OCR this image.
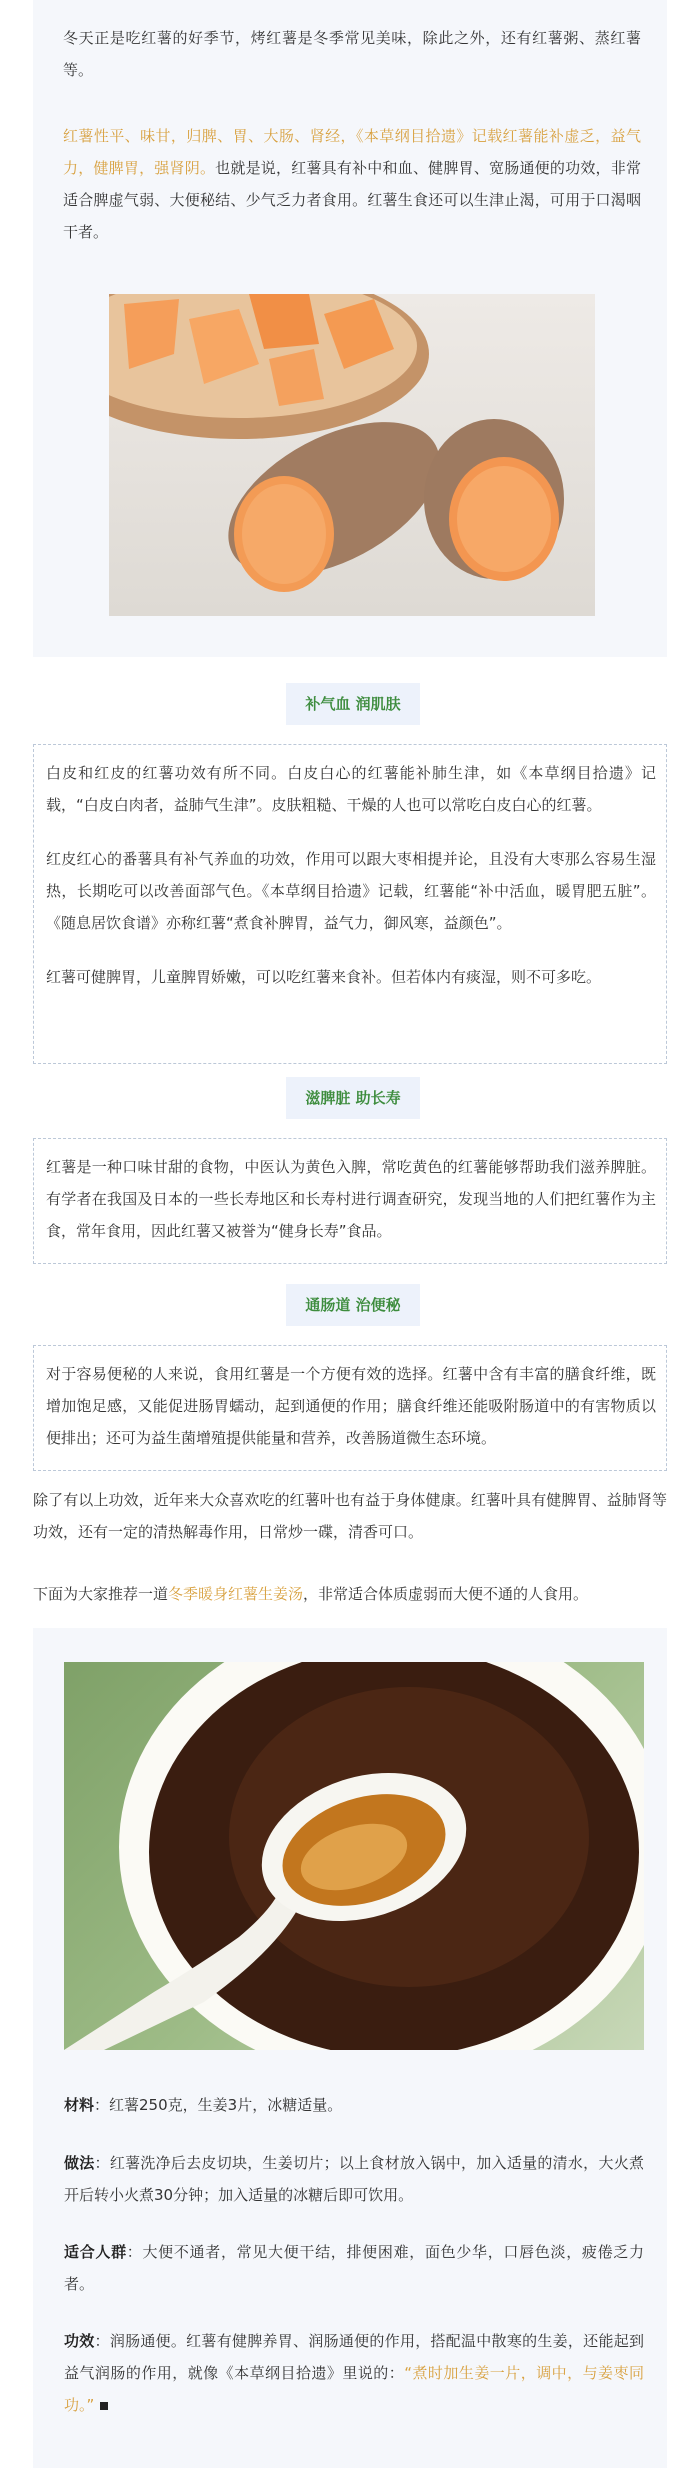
冬天正是吃红薯的好季节，烤红薯是冬季常见美味，除此之外，还有红薯粥、蒸红薯等。

红薯性平、味甘，归脾、胃、大肠、肾经，《本草纲目拾遗》记载红薯能补虚乏，益气力，健脾胃，强肾阴。也就是说，红薯具有补中和血、健脾胃、宽肠通便的功效，非常适合脾虚气弱、大便秘结、少气乏力者食用。红薯生食还可以生津止渴，可用于口渴咽干者。

补气血 润肌肤

白皮和红皮的红薯功效有所不同。白皮白心的红薯能补肺生津，如《本草纲目拾遗》记载，“白皮白肉者，益肺气生津”。皮肤粗糙、干燥的人也可以常吃白皮白心的红薯。

红皮红心的番薯具有补气养血的功效，作用可以跟大枣相提并论，且没有大枣那么容易生湿热，长期吃可以改善面部气色。《本草纲目拾遗》记载，红薯能“补中活血，暖胃肥五脏”。《随息居饮食谱》亦称红薯“煮食补脾胃，益气力，御风寒，益颜色”。

红薯可健脾胃，儿童脾胃娇嫩，可以吃红薯来食补。但若体内有痰湿，则不可多吃。

滋脾脏 助长寿

红薯是一种口味甘甜的食物，中医认为黄色入脾，常吃黄色的红薯能够帮助我们滋养脾脏。有学者在我国及日本的一些长寿地区和长寿村进行调查研究，发现当地的人们把红薯作为主食，常年食用，因此红薯又被誉为“健身长寿”食品。

通肠道 治便秘

对于容易便秘的人来说，食用红薯是一个方便有效的选择。红薯中含有丰富的膳食纤维，既增加饱足感，又能促进肠胃蠕动，起到通便的作用；膳食纤维还能吸附肠道中的有害物质以便排出；还可为益生菌增殖提供能量和营养，改善肠道微生态环境。

除了有以上功效，近年来大众喜欢吃的红薯叶也有益于身体健康。红薯叶具有健脾胃、益肺肾等功效，还有一定的清热解毒作用，日常炒一碟，清香可口。

下面为大家推荐一道冬季暖身红薯生姜汤，非常适合体质虚弱而大便不通的人食用。

材料：红薯250克，生姜3片，冰糖适量。

做法：红薯洗净后去皮切块，生姜切片；以上食材放入锅中，加入适量的清水，大火煮开后转小火煮30分钟；加入适量的冰糖后即可饮用。

适合人群：大便不通者，常见大便干结，排便困难，面色少华，口唇色淡，疲倦乏力者。

功效：润肠通便。红薯有健脾养胃、润肠通便的作用，搭配温中散寒的生姜，还能起到益气润肠的作用，就像《本草纲目拾遗》里说的：“煮时加生姜一片，调中，与姜枣同功。”
